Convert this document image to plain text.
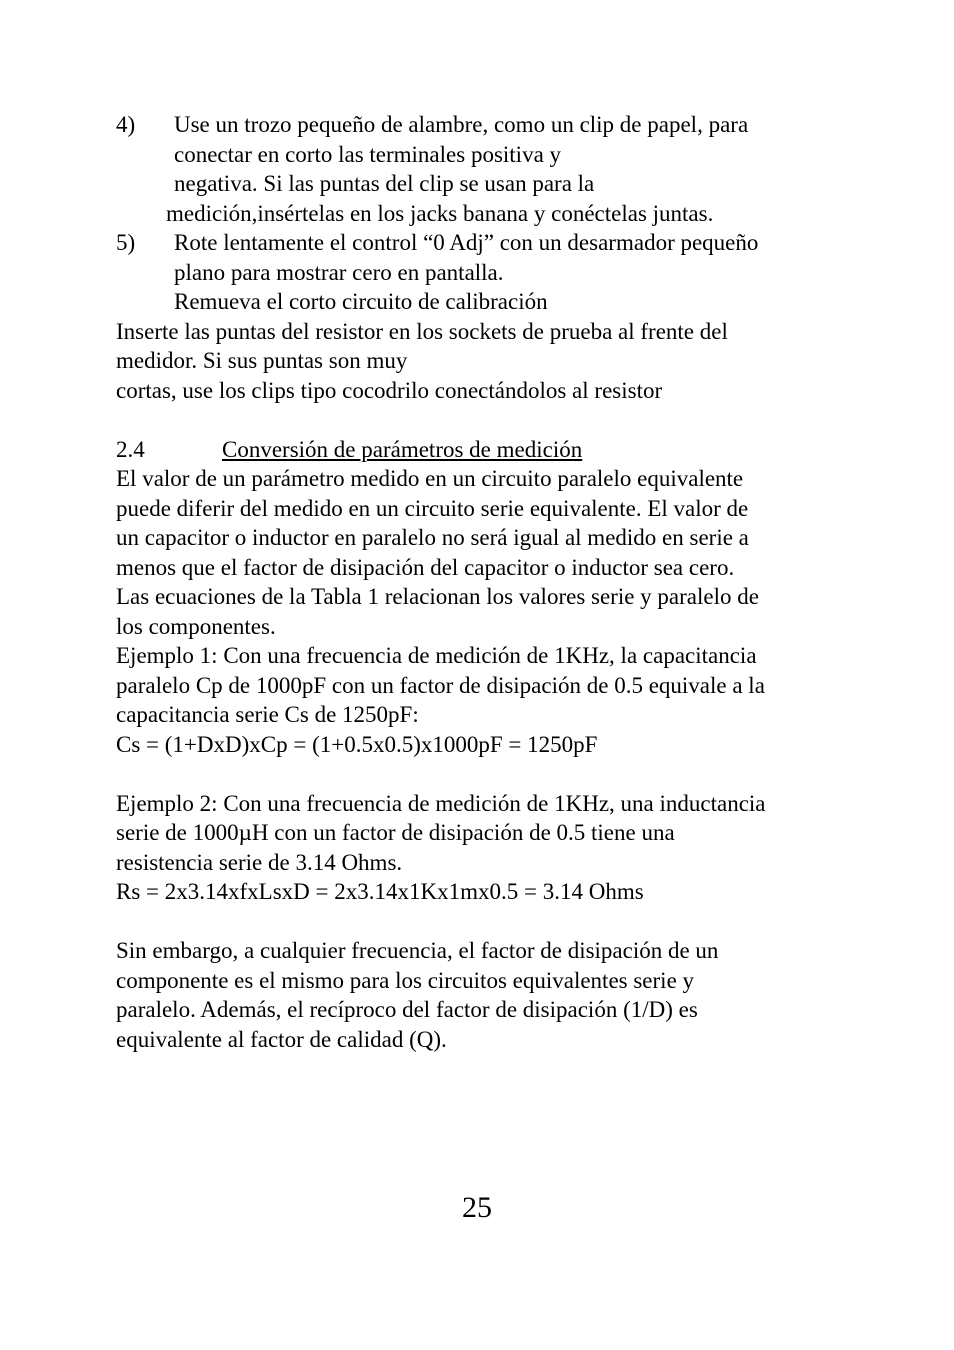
4) Use un trozo pequeño de alambre, como un clip de papel, para
conectar en corto las terminales positiva y
negativa. Si las puntas del clip se usan para la
medición,insértelas en los jacks banana y conéctelas juntas.
5) Rote lentamente el control “0 Adj” con un desarmador pequeño
plano para mostrar cero en pantalla.
Remueva el corto circuito de calibración
Inserte las puntas del resistor en los sockets de prueba al frente del
medidor. Si sus puntas son muy
cortas, use los clips tipo cocodrilo conectándolos al resistor
2.4	Conversión de parámetros de medición
El valor de un parámetro medido en un circuito paralelo equivalente
puede diferir del medido en un circuito serie equivalente. El valor de
un capacitor o inductor en paralelo no será igual al medido en serie a
menos que el factor de disipación del capacitor o inductor sea cero.
Las ecuaciones de la Tabla 1 relacionan los valores serie y paralelo de
los componentes.
Ejemplo 1: Con una frecuencia de medición de 1KHz, la capacitancia
paralelo Cp de 1000pF con un factor de disipación de 0.5 equivale a la
capacitancia serie Cs de 1250pF:
Cs = (1+DxD)xCp = (1+0.5x0.5)x1000pF = 1250pF
Ejemplo 2: Con una frecuencia de medición de 1KHz, una inductancia
serie de 1000µH con un factor de disipación de 0.5 tiene una
resistencia serie de 3.14 Ohms.
Rs = 2x3.14xfxLsxD = 2x3.14x1Kx1mx0.5 = 3.14 Ohms
Sin embargo, a cualquier frecuencia, el factor de disipación de un
componente es el mismo para los circuitos equivalentes serie y
paralelo. Además, el recíproco del factor de disipación (1/D) es
equivalente al factor de calidad (Q).
25
